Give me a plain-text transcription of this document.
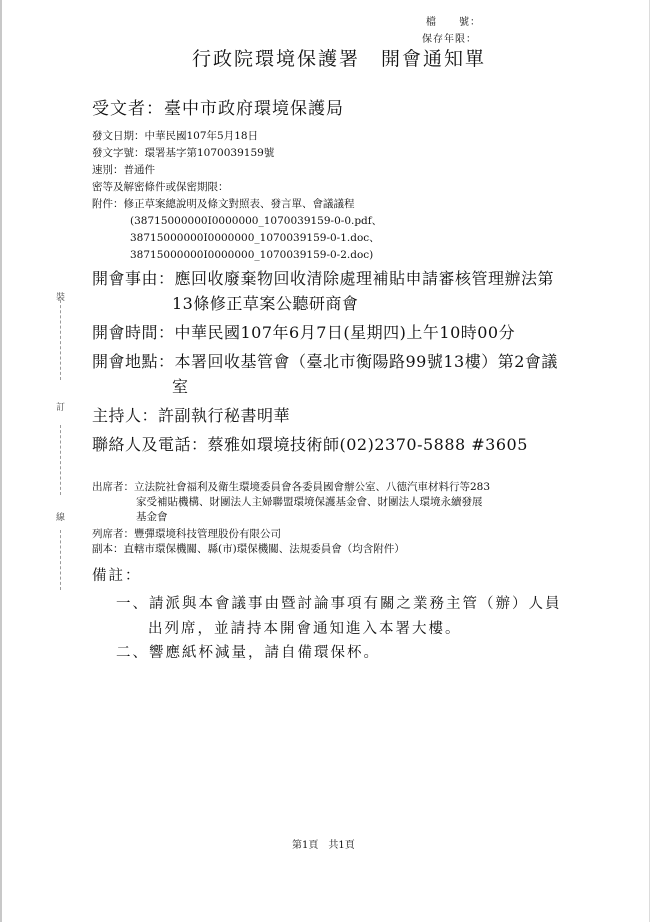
裝
訂
線
檔　　號：
保存年限：
行政院環境保護署　開會通知單
受文者：臺中市政府環境保護局
發文日期：中華民國107年5月18日
發文字號：環署基字第1070039159號
速別：普通件
密等及解密條件或保密期限：
附件：修正草案總說明及條文對照表、發言單、會議議程
(38715000000I0000000_1070039159-0-0.pdf、
38715000000I0000000_1070039159-0-1.doc、
38715000000I0000000_1070039159-0-2.doc)
開會事由：應回收廢棄物回收清除處理補貼申請審核管理辦法第
13條修正草案公聽研商會
開會時間：中華民國107年6月7日(星期四)上午10時00分
開會地點：本署回收基管會（臺北市衡陽路99號13樓）第2會議
室
主持人：許副執行秘書明華
聯絡人及電話：蔡雅如環境技術師(02)2370-5888 #3605
出席者：立法院社會福利及衛生環境委員會各委員國會辦公室、八德汽車材料行等283
家受補貼機構、財團法人主婦聯盟環境保護基金會、財團法人環境永續發展
基金會
列席者：豐彈環境科技管理股份有限公司
副本：直轄市環保機關、縣(市)環保機關、法規委員會（均含附件）
備註：
一、請派與本會議事由暨討論事項有關之業務主管（辦）人員
出列席，並請持本開會通知進入本署大樓。
二、響應紙杯減量，請自備環保杯。
第1頁　共1頁
